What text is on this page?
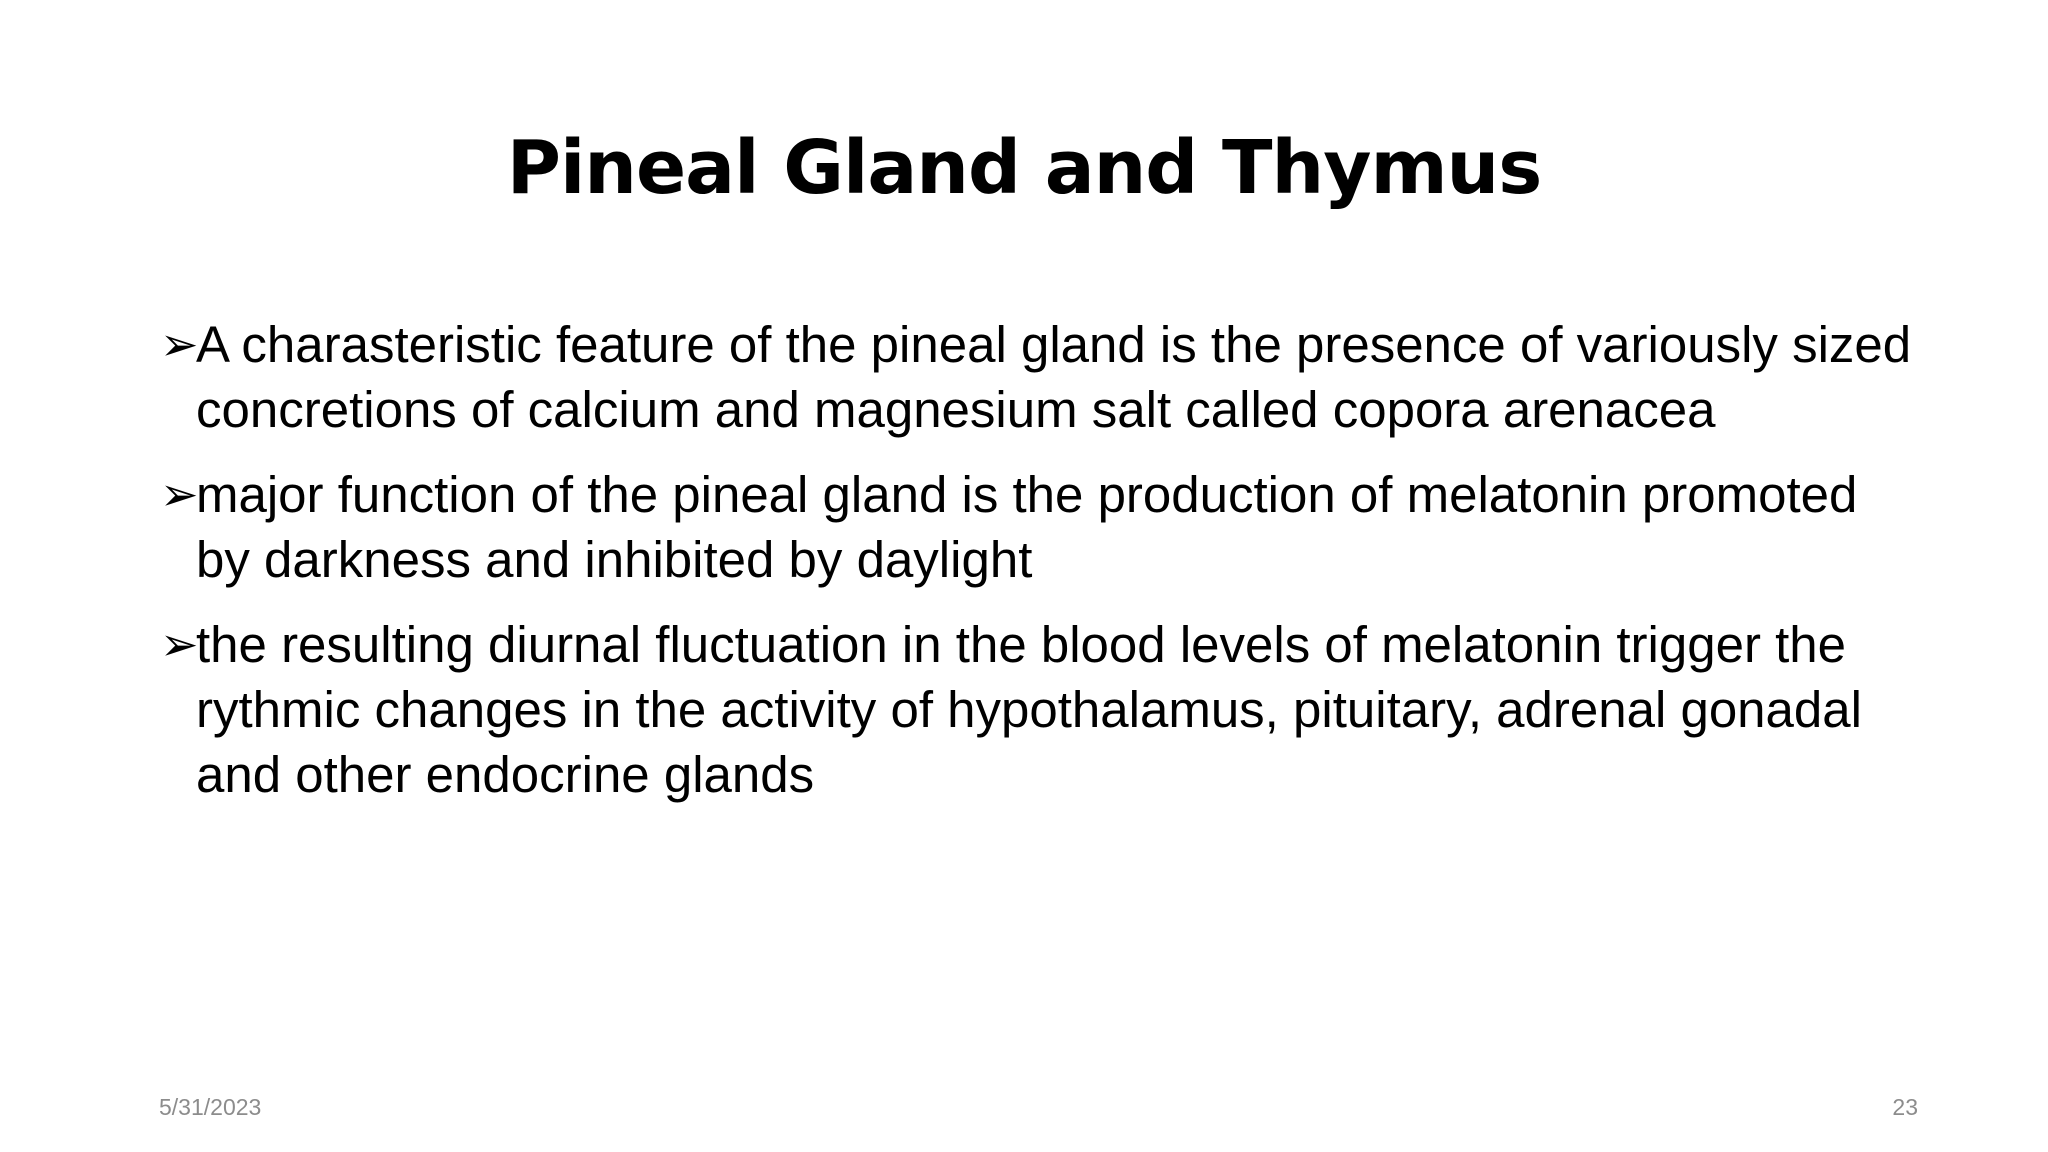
Pineal Gland and Thymus
➢
A charasteristic feature of the pineal gland is the presence of variously sized concretions of calcium and magnesium salt called copora arenacea
➢
major function of the pineal gland is the production of melatonin promoted by darkness and inhibited by daylight
➢
the resulting diurnal fluctuation in the blood levels of melatonin trigger the rythmic changes in the activity of hypothalamus, pituitary, adrenal gonadal and other endocrine glands
5/31/2023	23
